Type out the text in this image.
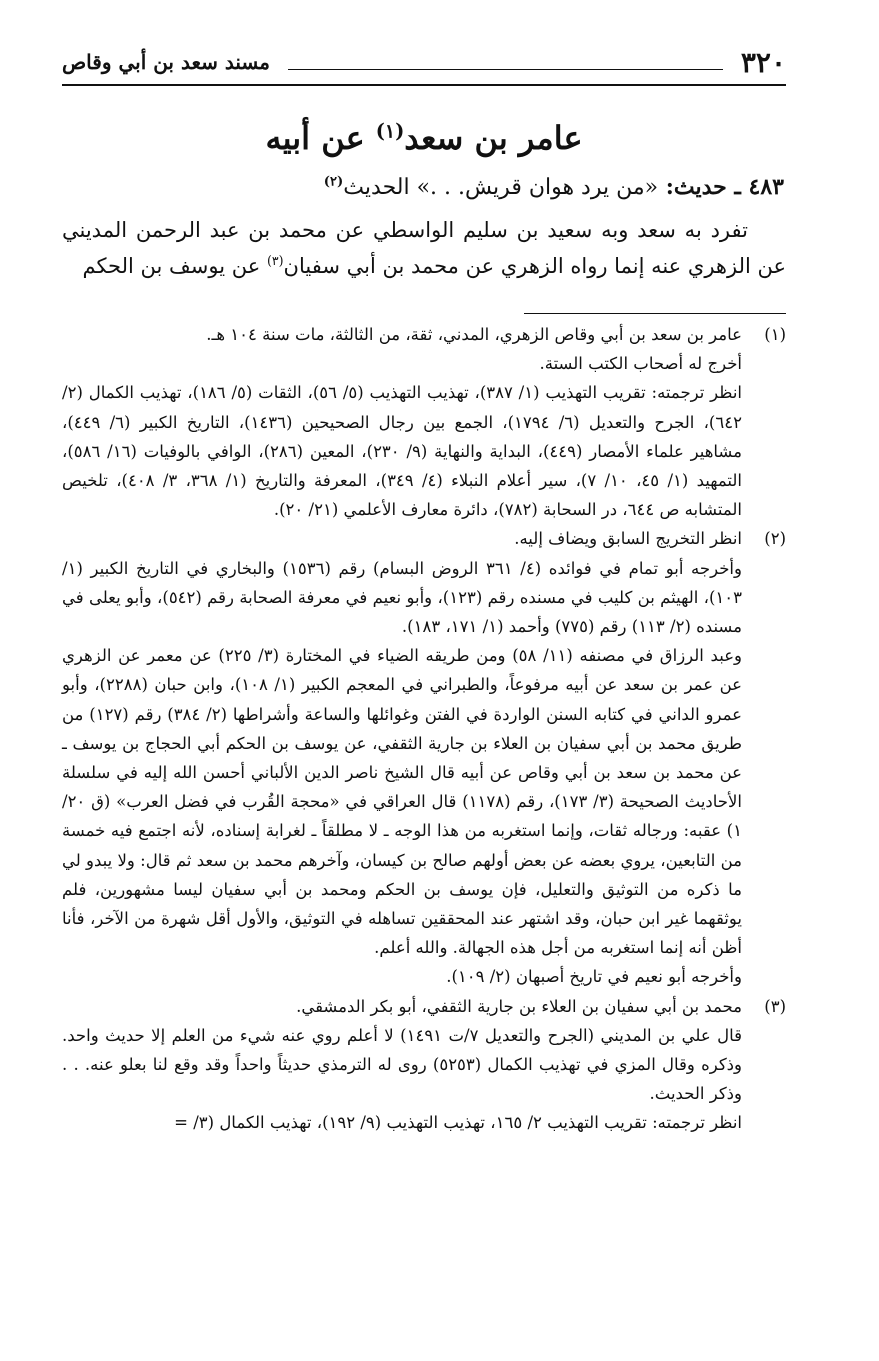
٣٢٠
مسند سعد بن أبي وقاص
عامر بن سعد$^{(١)}$ عن أبيه
٤٨٣ ـ حديث: «من يرد هوان قريش. . .» الحديث$^{(٢)}$

تفرد به سعد وبه سعيد بن سليم الواسطي عن محمد بن عبد الرحمن المديني عن الزهري عنه إنما رواه الزهري عن محمد بن أبي سفيان$^{(٣)}$ عن يوسف بن الحكم

(١)

عامر بن سعد بن أبي وقاص الزهري، المدني، ثقة، من الثالثة، مات سنة ١٠٤ هـ.

أخرج له أصحاب الكتب الستة.

انظر ترجمته: تقريب التهذيب (١/ ٣٨٧)، تهذيب التهذيب (٥/ ٥٦)، الثقات (٥/ ١٨٦)، تهذيب الكمال (٢/ ٦٤٢)، الجرح والتعديل (٦/ ١٧٩٤)، الجمع بين رجال الصحيحين (١٤٣٦)، التاريخ الكبير (٦/ ٤٤٩)، مشاهير علماء الأمصار (٤٤٩)، البداية والنهاية (٩/ ٢٣٠)، المعين (٢٨٦)، الوافي بالوفيات (١٦/ ٥٨٦)، التمهيد (١/ ٤٥، ١٠/ ٧)، سير أعلام النبلاء (٤/ ٣٤٩)، المعرفة والتاريخ (١/ ٣٦٨، ٣/ ٤٠٨)، تلخيص المتشابه ص ٦٤٤، در السحابة (٧٨٢)، دائرة معارف الأعلمي (٢١/ ٢٠).

(٢)

انظر التخريج السابق ويضاف إليه.

وأخرجه أبو تمام في فوائده (٤/ ٣٦١ الروض البسام) رقم (١٥٣٦) والبخاري في التاريخ الكبير (١/ ١٠٣)، الهيثم بن كليب في مسنده رقم (١٢٣)، وأبو نعيم في معرفة الصحابة رقم (٥٤٢)، وأبو يعلى في مسنده (٢/ ١١٣) رقم (٧٧٥) وأحمد (١/ ١٧١، ١٨٣).

وعبد الرزاق في مصنفه (١١/ ٥٨) ومن طريقه الضياء في المختارة (٣/ ٢٢٥) عن معمر عن الزهري عن عمر بن سعد عن أبيه مرفوعاً، والطبراني في المعجم الكبير (١/ ١٠٨)، وابن حبان (٢٢٨٨)، وأبو عمرو الداني في كتابه السنن الواردة في الفتن وغوائلها والساعة وأشراطها (٢/ ٣٨٤) رقم (١٢٧) من طريق محمد بن أبي سفيان بن العلاء بن جارية الثقفي، عن يوسف بن الحكم أبي الحجاج بن يوسف ـ عن محمد بن سعد بن أبي وقاص عن أبيه قال الشيخ ناصر الدين الألباني أحسن الله إليه في سلسلة الأحاديث الصحيحة (٣/ ١٧٣)، رقم (١١٧٨) قال العراقي في «محجة القُرب في فضل العرب» (ق ٢٠/ ١) عقبه: ورجاله ثقات، وإنما استغربه من هذا الوجه ـ لا مطلقاً ـ لغرابة إسناده، لأنه اجتمع فيه خمسة من التابعين، يروي بعضه عن بعض أولهم صالح بن كيسان، وآخرهم محمد بن سعد ثم قال: ولا يبدو لي ما ذكره من التوثيق والتعليل، فإن يوسف بن الحكم ومحمد بن أبي سفيان ليسا مشهورين، فلم يوثقهما غير ابن حبان، وقد اشتهر عند المحققين تساهله في التوثيق، والأول أقل شهرة من الآخر، فأنا أظن أنه إنما استغربه من أجل هذه الجهالة. والله أعلم.

وأخرجه أبو نعيم في تاريخ أصبهان (٢/ ١٠٩).

(٣)

محمد بن أبي سفيان بن العلاء بن جارية الثقفي، أبو بكر الدمشقي.

قال علي بن المديني (الجرح والتعديل ٧/ت ١٤٩١) لا أعلم روي عنه شيء من العلم إلا حديث واحد. وذكره وقال المزي في تهذيب الكمال (٥٢٥٣) روى له الترمذي حديثاً واحداً وقد وقع لنا بعلو عنه. . . وذكر الحديث.

انظر ترجمته: تقريب التهذيب ٢/ ١٦٥، تهذيب التهذيب (٩/ ١٩٢)، تهذيب الكمال (٣/ =
